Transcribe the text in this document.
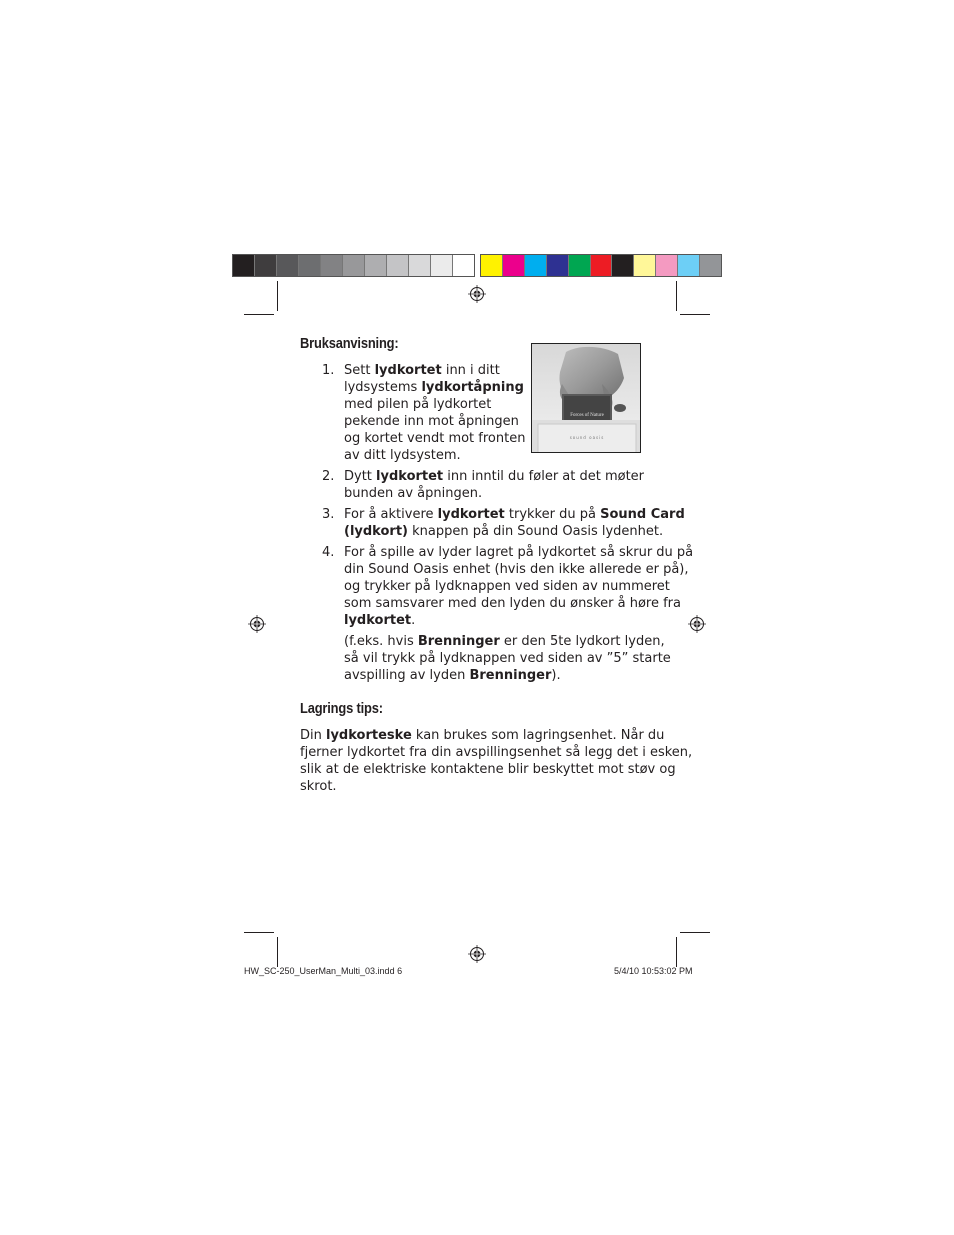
Bruksanvisning:
Forces of Nature
sound oasis
1. Sett lydkortet inn i ditt
lydsystems lydkortåpning
med pilen på lydkortet
pekende inn mot åpningen
og kortet vendt mot fronten
av ditt lydsystem.
2. Dytt lydkortet inn inntil du føler at det møter
bunden av åpningen.
3. For å aktivere lydkortet trykker du på Sound Card
(lydkort) knappen på din Sound Oasis lydenhet.
4. For å spille av lyder lagret på lydkortet så skrur du på
din Sound Oasis enhet (hvis den ikke allerede er på),
og trykker på lydknappen ved siden av nummeret
som samsvarer med den lyden du ønsker å høre fra
lydkortet.
(f.eks. hvis Brenninger er den 5te lydkort lyden,
så vil trykk på lydknappen ved siden av ”5” starte
avspilling av lyden Brenninger).
Lagrings tips:
Din lydkorteske kan brukes som lagringsenhet. Når du
fjerner lydkortet fra din avspillingsenhet så legg det i esken,
slik at de elektriske kontaktene blir beskyttet mot støv og
skrot.
HW_SC-250_UserMan_Multi_03.indd 6	5/4/10 10:53:02 PM
